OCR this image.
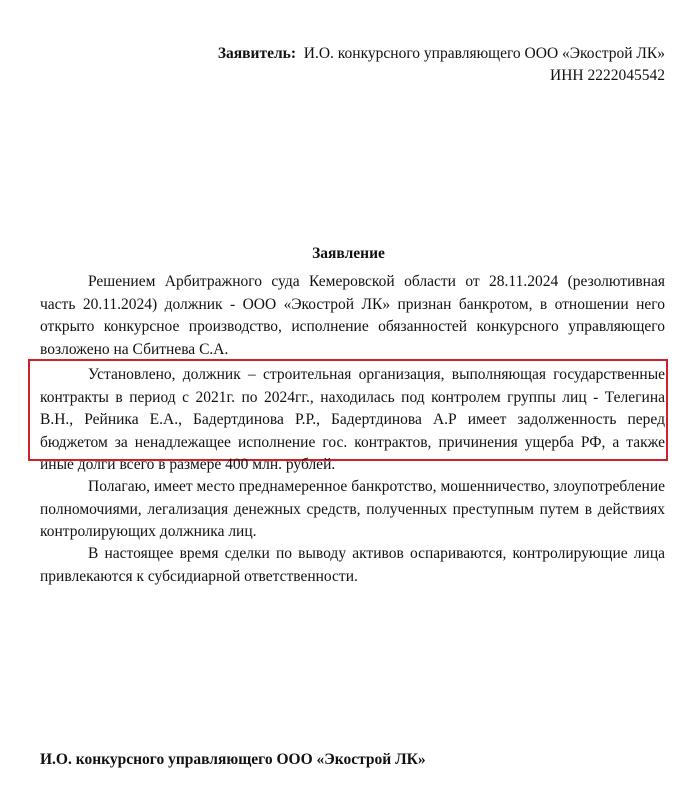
Заявитель: И.О. конкурсного управляющего ООО «Экострой ЛК»
ИНН 2222045542
Заявление

Решением Арбитражного суда Кемеровской области от 28.11.2024 (резолютивная часть 20.11.2024) должник - ООО «Экострой ЛК» признан банкротом, в отношении него открыто конкурсное производство, исполнение обязанностей конкурсного управляющего возложено на Сбитнева С.А.

Установлено, должник – строительная организация, выполняющая государственные контракты в период с 2021г. по 2024гг., находилась под контролем группы лиц - Телегина В.Н., Рейника Е.А., Бадертдинова Р.Р., Бадертдинова А.Р имеет задолженность перед бюджетом за ненадлежащее исполнение гос. контрактов, причинения ущерба РФ, а также иные долги всего в размере 400 млн. рублей.

Полагаю, имеет место преднамеренное банкротство, мошенничество, злоупотребление полномочиями, легализация денежных средств, полученных преступным путем в действиях контролирующих должника лиц.

В настоящее время сделки по выводу активов оспариваются, контролирующие лица привлекаются к субсидиарной ответственности.

И.О. конкурсного управляющего ООО «Экострой ЛК»
